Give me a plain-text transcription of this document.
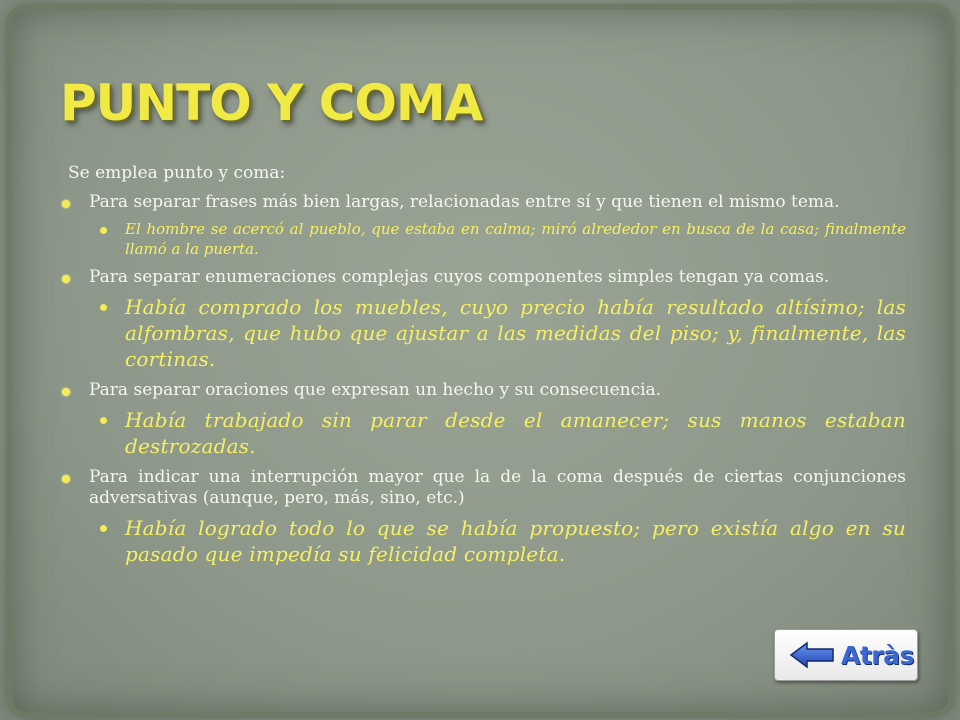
PUNTO Y COMA

Se emplea punto y coma:

Para separar frases más bien largas, relacionadas entre sí y que tienen el mismo tema.
El hombre se acercó al pueblo, que estaba en calma; miró alrededor en busca de la casa; finalmente llamó a la puerta.
Para separar enumeraciones complejas cuyos componentes simples tengan ya comas.
Había comprado los muebles, cuyo precio había resultado altísimo; las alfombras, que hubo que ajustar a las medidas del piso; y, finalmente, las cortinas.
Para separar oraciones que expresan un hecho y su consecuencia.
Había trabajado sin parar desde el amanecer; sus manos estaban destrozadas.
Para indicar una interrupción mayor que la de la coma después de ciertas conjunciones adversativas (aunque, pero, más, sino, etc.)
Había logrado todo lo que se había propuesto; pero existía algo en su pasado que impedía su felicidad completa.
Atràs
